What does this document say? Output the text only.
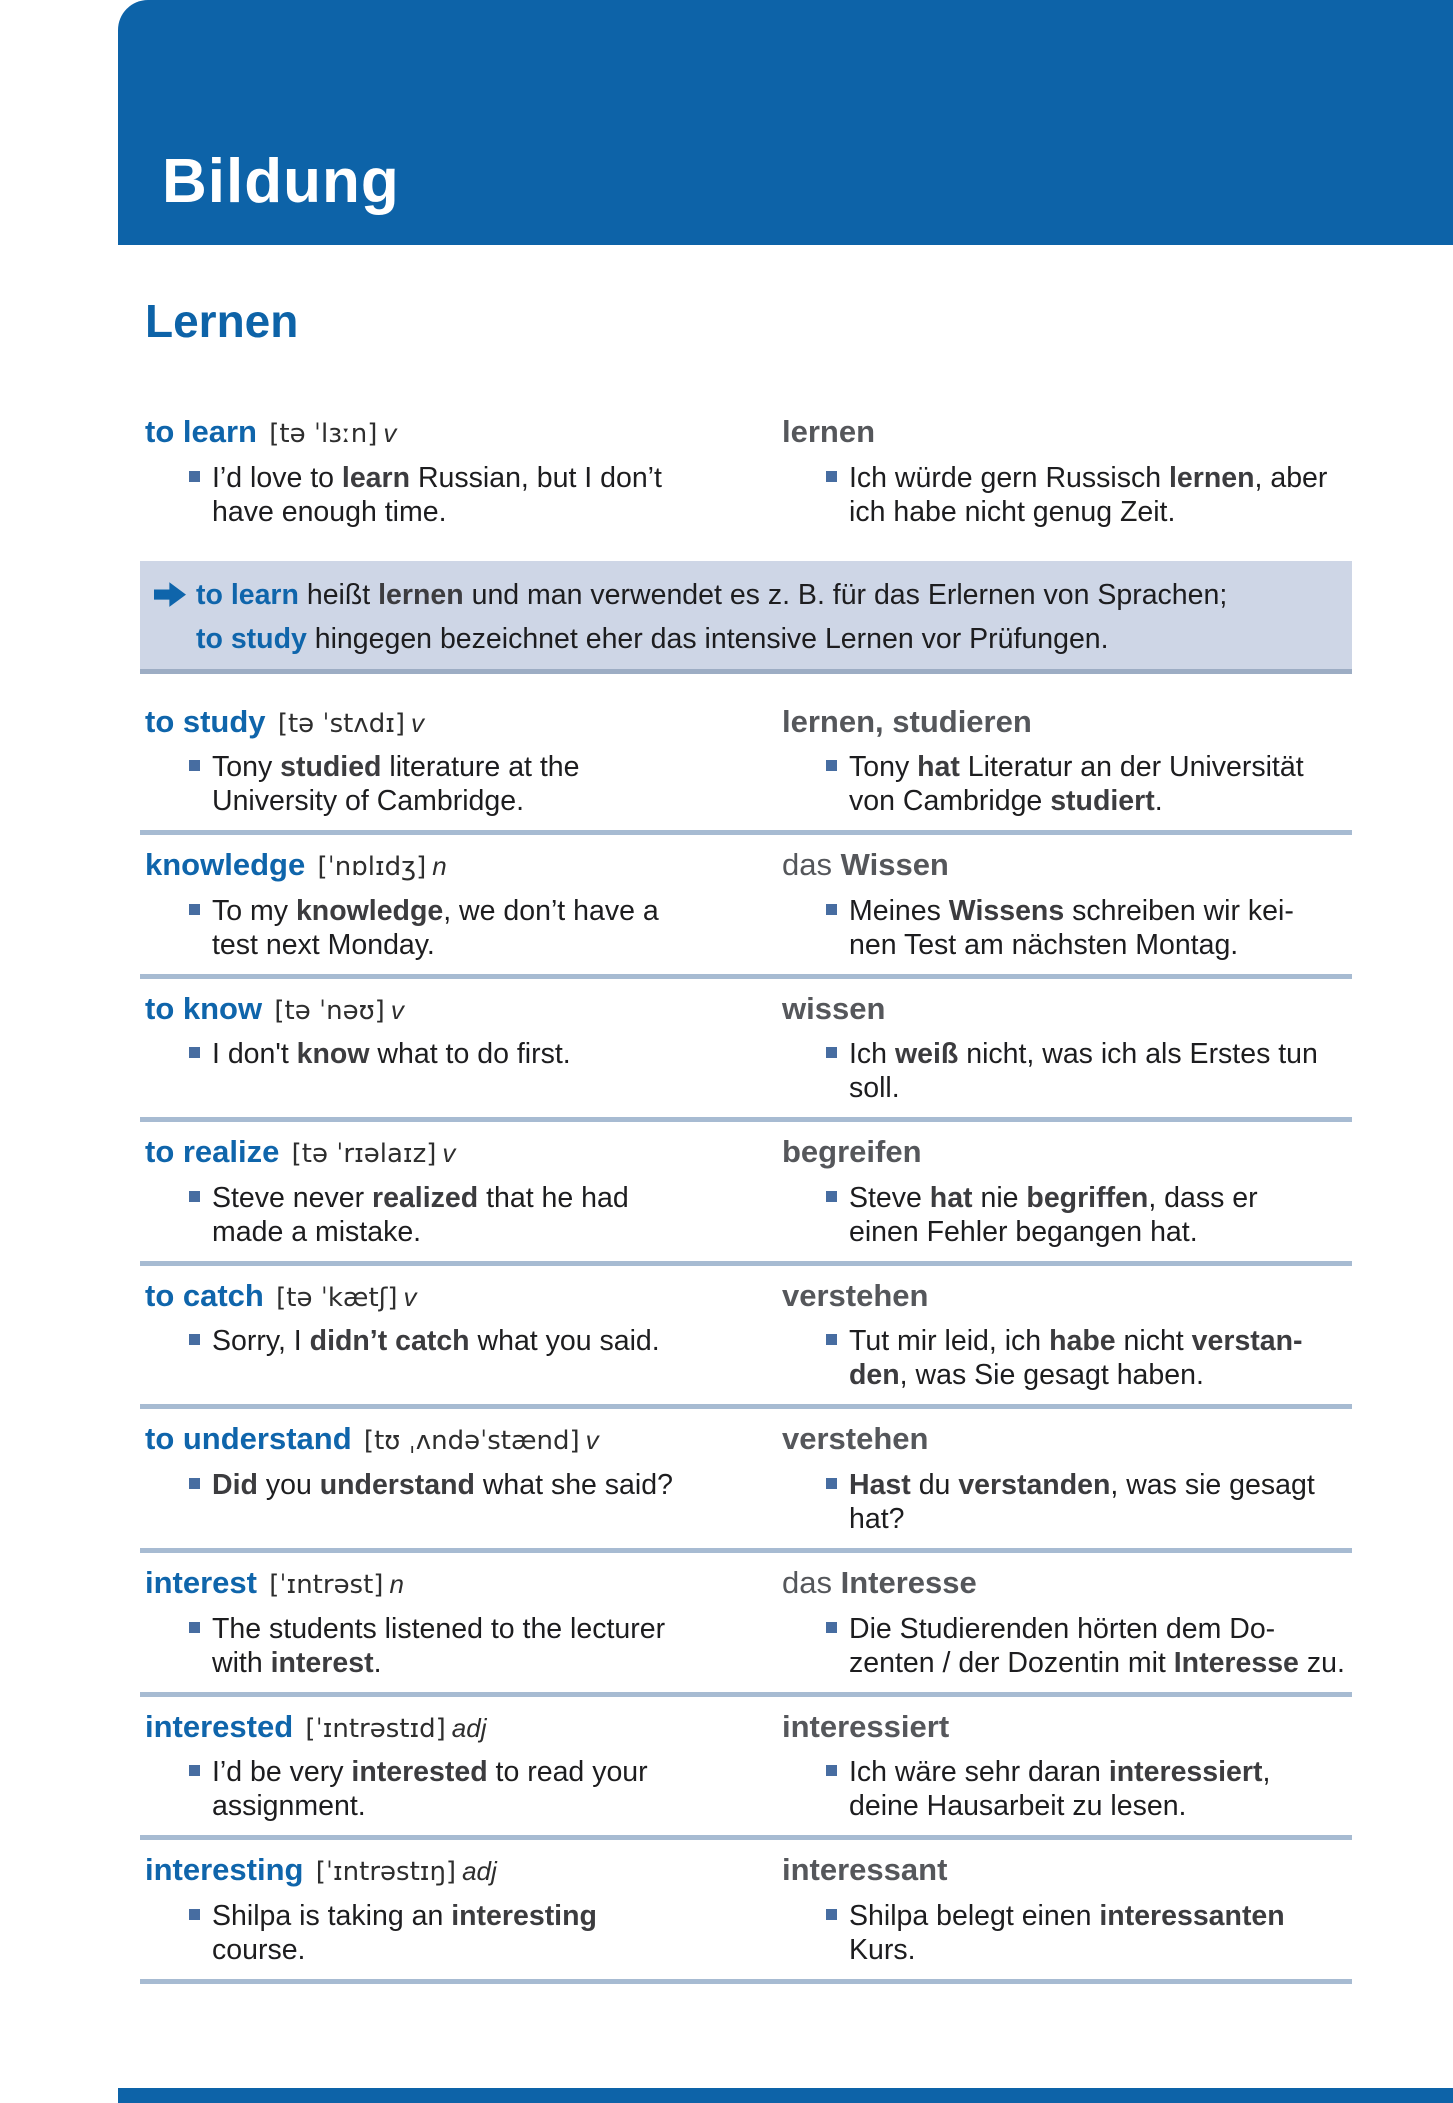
Bildung
Lernen
to learn [tə ˈlɜːn] v

I’d love to learn Russian, but I don’t
have enough time.

lernen

Ich würde gern Russisch lernen, aber
ich habe nicht genug Zeit.

to learn heißt lernen und man verwendet es z. B. für das Erlernen von Sprachen;
to study hingegen bezeichnet eher das intensive Lernen vor Prüfungen.

to study [tə ˈstʌdɪ] v

Tony studied literature at the
University of Cambridge.

lernen, studieren

Tony hat Literatur an der Universität
von Cambridge studiert.

knowledge [ˈnɒlɪdʒ] n

To my knowledge, we don’t have a
test next Monday.

das Wissen

Meines Wissens schreiben wir kei-
nen Test am nächsten Montag.

to know [tə ˈnəʊ] v

I don't know what to do first.

wissen

Ich weiß nicht, was ich als Erstes tun
soll.

to realize [tə ˈrɪəlaɪz] v

Steve never realized that he had
made a mistake.

begreifen

Steve hat nie begriffen, dass er
einen Fehler begangen hat.

to catch [tə ˈkætʃ] v

Sorry, I didn’t catch what you said.

verstehen

Tut mir leid, ich habe nicht verstan-
den, was Sie gesagt haben.

to understand [tʊ ˌʌndəˈstænd] v

Did you understand what she said?

verstehen

Hast du verstanden, was sie gesagt
hat?

interest [ˈɪntrəst] n

The students listened to the lecturer
with interest.

das Interesse

Die Studierenden hörten dem Do-
zenten / der Dozentin mit Interesse zu.

interested [ˈɪntrəstɪd] adj

I’d be very interested to read your
assignment.

interessiert

Ich wäre sehr daran interessiert,
deine Hausarbeit zu lesen.

interesting [ˈɪntrəstɪŋ] adj

Shilpa is taking an interesting
course.

interessant

Shilpa belegt einen interessanten
Kurs.
